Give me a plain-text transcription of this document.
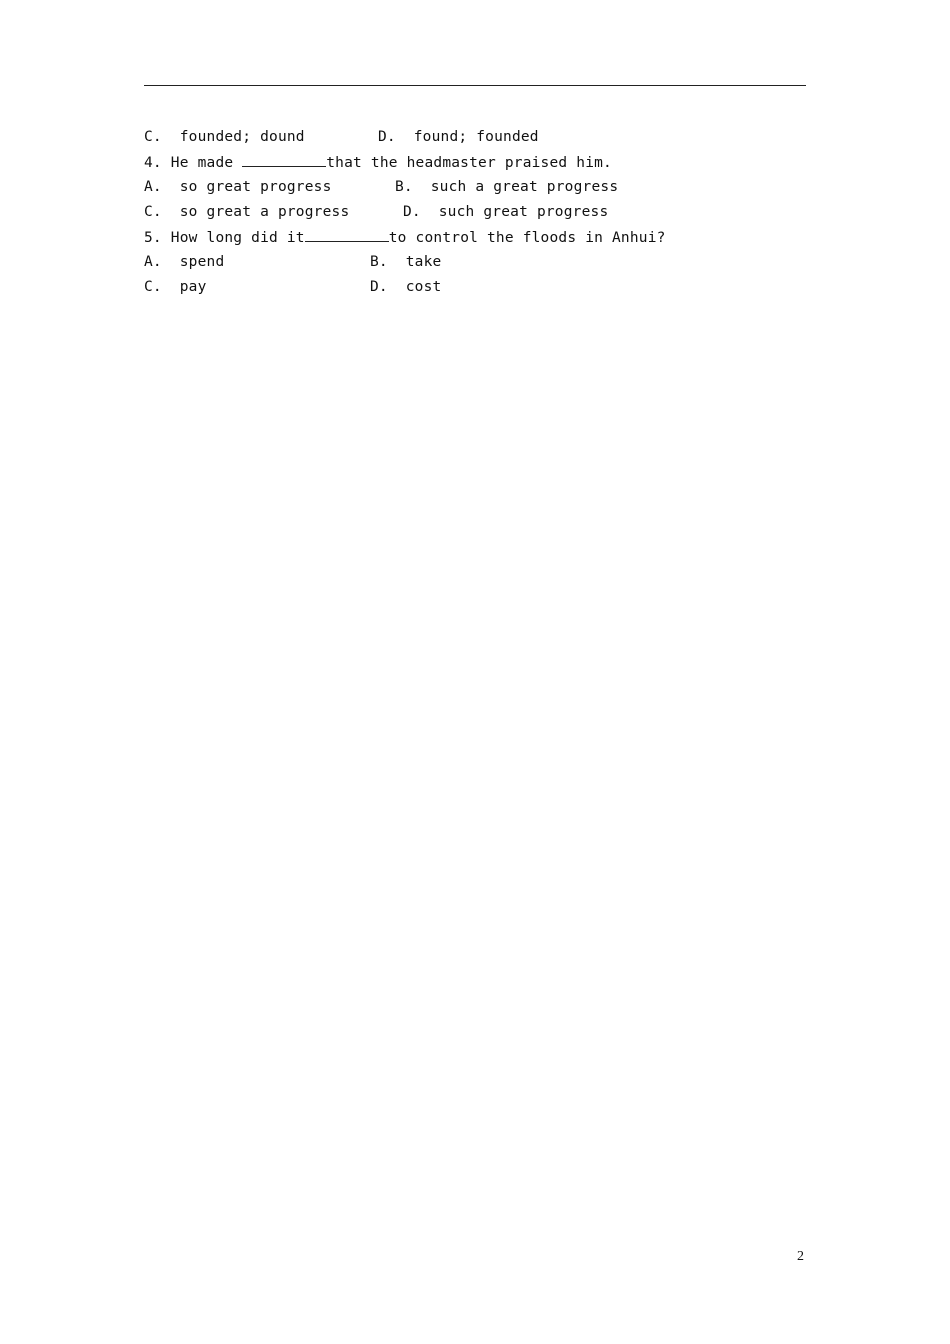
C.  founded; dound	D.  found; founded
4. He made	that the headmaster praised him.
A.  so great progress	B.  such a great progress
C.  so great a progress	D.  such great progress
5. How long did it	to control the floods in Anhui?
A.  spend	B.  take
C.  pay	D.  cost
2
